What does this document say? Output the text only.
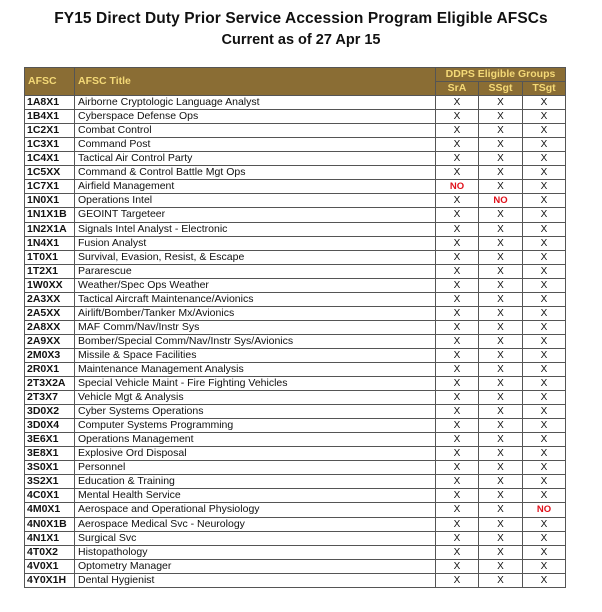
FY15 Direct Duty Prior Service Accession Program Eligible AFSCs
Current as of 27 Apr 15
AFSC	AFSC Title	DDPS Eligible Groups		
		SrA	SSgt	TSgt
1A8X1	Airborne Cryptologic Language Analyst	X	X	X
1B4X1	Cyberspace Defense Ops	X	X	X
1C2X1	Combat Control	X	X	X
1C3X1	Command Post	X	X	X
1C4X1	Tactical Air Control Party	X	X	X
1C5XX	Command & Control Battle Mgt Ops	X	X	X
1C7X1	Airfield Management	NO	X	X
1N0X1	Operations Intel	X	NO	X
1N1X1B	GEOINT Targeteer	X	X	X
1N2X1A	Signals Intel Analyst - Electronic	X	X	X
1N4X1	Fusion Analyst	X	X	X
1T0X1	Survival, Evasion, Resist, & Escape	X	X	X
1T2X1	Pararescue	X	X	X
1W0XX	Weather/Spec Ops Weather	X	X	X
2A3XX	Tactical Aircraft Maintenance/Avionics	X	X	X
2A5XX	Airlift/Bomber/Tanker Mx/Avionics	X	X	X
2A8XX	MAF Comm/Nav/Instr Sys	X	X	X
2A9XX	Bomber/Special Comm/Nav/Instr Sys/Avionics	X	X	X
2M0X3	Missile & Space Facilities	X	X	X
2R0X1	Maintenance Management Analysis	X	X	X
2T3X2A	Special Vehicle Maint - Fire Fighting Vehicles	X	X	X
2T3X7	Vehicle Mgt & Analysis	X	X	X
3D0X2	Cyber Systems Operations	X	X	X
3D0X4	Computer Systems Programming	X	X	X
3E6X1	Operations Management	X	X	X
3E8X1	Explosive Ord Disposal	X	X	X
3S0X1	Personnel	X	X	X
3S2X1	Education & Training	X	X	X
4C0X1	Mental Health Service	X	X	X
4M0X1	Aerospace and Operational Physiology	X	X	NO
4N0X1B	Aerospace Medical Svc - Neurology	X	X	X
4N1X1	Surgical Svc	X	X	X
4T0X2	Histopathology	X	X	X
4V0X1	Optometry Manager	X	X	X
4Y0X1H	Dental Hygienist	X	X	X
